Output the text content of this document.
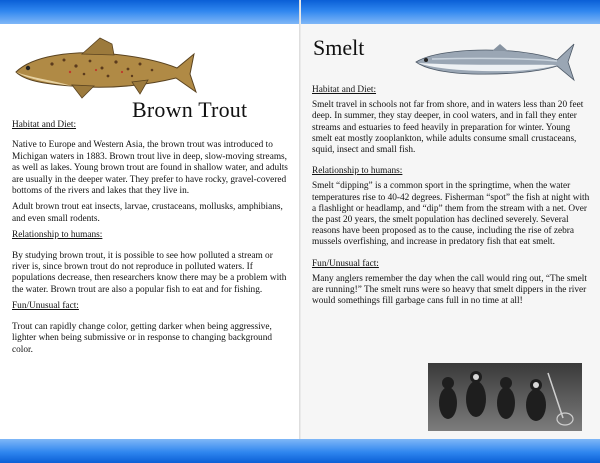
Brown Trout
Habitat and Diet:

Native to Europe and Western Asia, the brown trout was introduced to Michigan waters in 1883. Brown trout live in deep, slow-moving streams, as well as lakes. Young brown trout are found in shallow water, and adults are usually in the deeper water. They prefer to have rocky, gravel-covered bottoms of the rivers and lakes that they live in.

Adult brown trout eat insects, larvae, crustaceans, mollusks, amphibians, and even small rodents.

Relationship to humans:

By studying brown trout, it is possible to see how polluted a stream or river is, since brown trout do not reproduce in polluted waters. If populations decrease, then researchers know there may be a problem with the water. Brown trout are also a popular fish to eat and for fishing.

Fun/Unusual fact:

Trout can rapidly change color, getting darker when being aggressive, lighter when being submissive or in response to changing background color.

Smelt
Habitat and Diet:

Smelt travel in schools not far from shore, and in waters less than 20 feet deep. In summer, they stay deeper, in cool waters, and in fall they enter streams and estuaries to feed heavily in preparation for winter. Young smelt eat mostly zooplankton, while adults consume small crustaceans, squid, insect and small fish.

Relationship to humans:

Smelt “dipping” is a common sport in the springtime, when the water temperatures rise to 40-42 degrees. Fisherman “spot” the fish at night with a flashlight or headlamp, and “dip” them from the stream with a net. Over the past 20 years, the smelt population has declined severely. Several reasons have been proposed as to the cause, including the rise of zebra mussels overfishing, and increase in predatory fish that eat smelt.

Fun/Unusual fact:

Many anglers remember the day when the call would ring out, “The smelt are running!” The smelt runs were so heavy that smelt dippers in the river would somethings fill garbage cans full in no time at all!
